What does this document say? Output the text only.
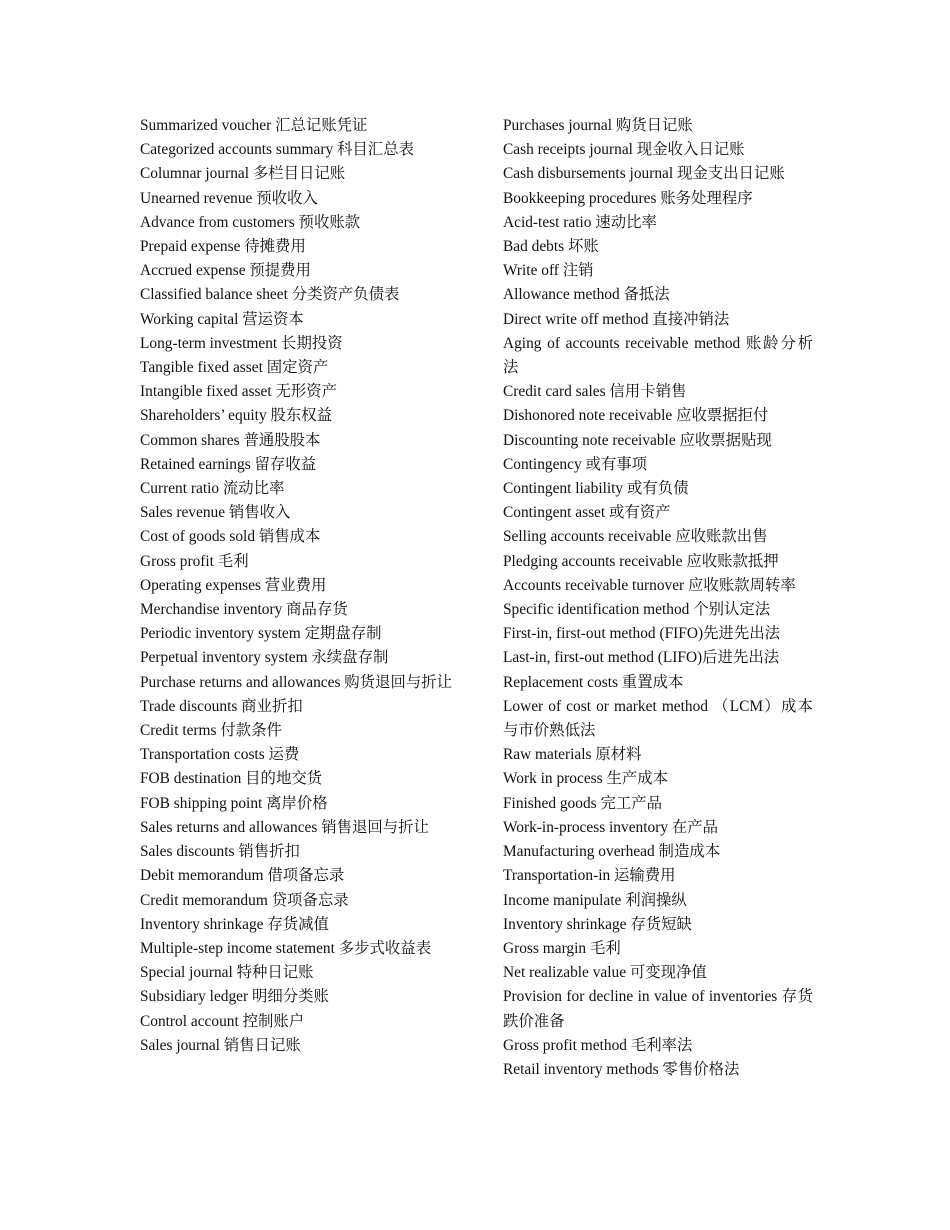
Summarized voucher 汇总记账凭证
Categorized accounts summary 科目汇总表
Columnar journal 多栏目日记账
Unearned revenue 预收收入
Advance from customers 预收账款
Prepaid expense 待摊费用
Accrued expense 预提费用
Classified balance sheet 分类资产负债表
Working capital 营运资本
Long-term investment 长期投资
Tangible fixed asset 固定资产
Intangible fixed asset 无形资产
Shareholders’ equity 股东权益
Common shares 普通股股本
Retained earnings 留存收益
Current ratio 流动比率
Sales revenue 销售收入
Cost of goods sold 销售成本
Gross profit 毛利
Operating expenses 营业费用
Merchandise inventory 商品存货
Periodic inventory system 定期盘存制
Perpetual inventory system 永续盘存制
Purchase returns and allowances 购货退回与折让
Trade discounts 商业折扣
Credit terms 付款条件
Transportation costs 运费
FOB destination 目的地交货
FOB shipping point 离岸价格
Sales returns and allowances 销售退回与折让
Sales discounts 销售折扣
Debit memorandum 借项备忘录
Credit memorandum 贷项备忘录
Inventory shrinkage 存货减值
Multiple-step income statement 多步式收益表
Special journal 特种日记账
Subsidiary ledger 明细分类账
Control account 控制账户
Sales journal 销售日记账
Purchases journal 购货日记账
Cash receipts journal 现金收入日记账
Cash disbursements journal 现金支出日记账
Bookkeeping procedures 账务处理程序
Acid-test ratio 速动比率
Bad debts 坏账
Write off 注销
Allowance method 备抵法
Direct write off method 直接冲销法
Aging of accounts receivable method 账龄分析法
Credit card sales 信用卡销售
Dishonored note receivable 应收票据拒付
Discounting note receivable 应收票据贴现
Contingency 或有事项
Contingent liability 或有负债
Contingent asset 或有资产
Selling accounts receivable 应收账款出售
Pledging accounts receivable 应收账款抵押
Accounts receivable turnover 应收账款周转率
Specific identification method 个别认定法
First-in, first-out method (FIFO)先进先出法
Last-in, first-out method (LIFO)后进先出法
Replacement costs 重置成本
Lower of cost or market method （LCM）成本与市价熟低法
Raw materials 原材料
Work in process 生产成本
Finished goods 完工产品
Work-in-process inventory 在产品
Manufacturing overhead 制造成本
Transportation-in 运输费用
Income manipulate 利润操纵
Inventory shrinkage 存货短缺
Gross margin 毛利
Net realizable value 可变现净值
Provision for decline in value of inventories 存货跌价准备
Gross profit method 毛利率法
Retail inventory methods 零售价格法
